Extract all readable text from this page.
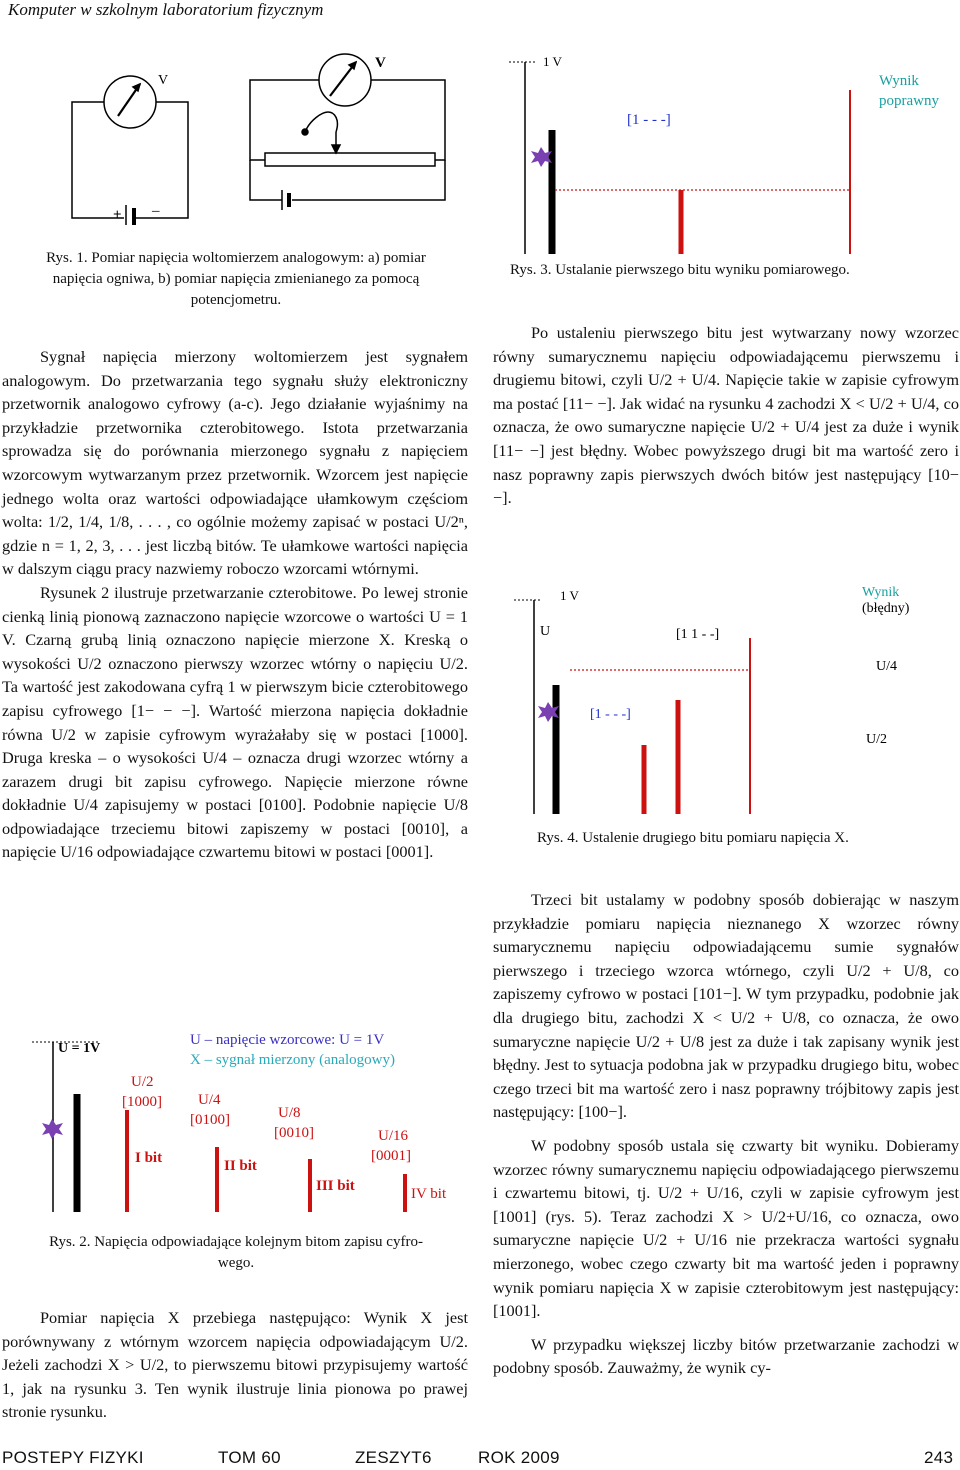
Komputer w szkolnym laboratorium fizycznym
V
+ –
V
Rys. 1. Pomiar napięcia woltomierzem analogowym: a) pomiar
napięcia ogniwa, b) pomiar napięcia zmienianego za pomocą
potencjometru.

Sygnał napięcia mierzony woltomierzem jest sygnałem analogowym. Do przetwarzania tego sygnału służy elektroniczny przetwornik analogowo cyfrowy (a-c). Jego działanie wyjaśnimy na przykładzie przetwornika czterobitowego. Istota przetwarzania sprowadza się do porównania mierzonego sygnału z napięciem wzorcowym wytwarzanym przez przetwornik. Wzorcem jest napięcie jednego wolta oraz wartości odpowiadające ułamkowym częściom wolta: 1/2, 1/4, 1/8, . . . , co ogólnie możemy zapisać w postaci U/2ⁿ, gdzie n = 1, 2, 3, . . . jest liczbą bitów. Te ułamkowe wartości napięcia w dalszym ciągu pracy nazwiemy roboczo wzorcami wtórnymi.

Rysunek 2 ilustruje przetwarzanie czterobitowe. Po lewej stronie cienką linią pionową zaznaczono napięcie wzorcowe o wartości U = 1 V. Czarną grubą linią oznaczono napięcie mierzone X. Kreską o wysokości U/2 oznaczono pierwszy wzorzec wtórny o napięciu U/2. Ta wartość jest zakodowana cyfrą 1 w pierwszym bicie czterobitowego zapisu cyfrowego [1− − −]. Wartość mierzona napięcia dokładnie równa U/2 w zapisie cyfrowym wyrażałaby się w postaci [1000]. Druga kreska – o wysokości U/4 – oznacza drugi wzorzec wtórny a zarazem drugi bit zapisu cyfrowego. Napięcie mierzone równe dokładnie U/4 zapisujemy w postaci [0100]. Podobnie napięcie U/8 odpowiadające trzeciemu bitowi zapiszemy w postaci [0010], a napięcie U/16 odpowiadające czwartemu bitowi w postaci [0001].

U = 1V
U – napięcie wzorcowe: U = 1V
X – sygnał mierzony (analogowy)
U/2
[1000]
I bit
U/4
[0100]
II bit
U/8
[0010]
III bit
U/16
[0001]
IV bit
Rys. 2. Napięcia odpowiadające kolejnym bitom zapisu cyfro-
wego.

Pomiar napięcia X przebiega następująco: Wynik X jest porównywany z wtórnym wzorcem napięcia odpowiadającym U/2. Jeżeli zachodzi X > U/2, to pierwszemu bitowi przypisujemy wartość 1, jak na rysunku 3. Ten wynik ilustruje linia pionowa po prawej stronie rysunku.

1 V
[1 - - -]
Wynik
poprawny
Rys. 3. Ustalanie pierwszego bitu wyniku pomiarowego.

Po ustaleniu pierwszego bitu jest wytwarzany nowy wzorzec równy sumarycznemu napięciu odpowiadającemu pierwszemu i drugiemu bitowi, czyli U/2 + U/4. Napięcie takie w zapisie cyfrowym ma postać [11− −]. Jak widać na rysunku 4 zachodzi X < U/2 + U/4, co oznacza, że owo sumaryczne napięcie U/2 + U/4 jest za duże i wynik [11− −] jest błędny. Wobec powyższego drugi bit ma wartość zero i nasz poprawny zapis pierwszych dwóch bitów jest następujący [10− −].

1 V
U
[1 - - -]
[1 1 - -]
Wynik
(błędny)
U/4
U/2
Rys. 4. Ustalenie drugiego bitu pomiaru napięcia X.

Trzeci bit ustalamy w podobny sposób dobierając w naszym przykładzie pomiaru napięcia nieznanego X wzorzec równy sumarycznemu napięciu odpowiadającemu sumie sygnałów pierwszego i trzeciego wzorca wtórnego, czyli U/2 + U/8, co zapiszemy cyfrowo w postaci [101−]. W tym przypadku, podobnie jak dla drugiego bitu, zachodzi X < U/2 + U/8, co oznacza, że owo sumaryczne napięcie U/2 + U/8 jest za duże i tak zapisany wynik jest błędny. Jest to sytuacja podobna jak w przypadku drugiego bitu, wobec czego trzeci bit ma wartość zero i nasz poprawny trójbitowy zapis jest następujący: [100−].

W podobny sposób ustala się czwarty bit wyniku. Dobieramy wzorzec równy sumarycznemu napięciu odpowiadającego pierwszemu i czwartemu bitowi, tj. U/2 + U/16, czyli w zapisie cyfrowym jest [1001] (rys. 5). Teraz zachodzi X > U/2+U/16, co oznacza, owo sumaryczne napięcie U/2 + U/16 nie przekracza wartości sygnału mierzonego, wobec czego czwarty bit ma wartość jeden i poprawny wynik pomiaru napięcia X w zapisie czterobitowym jest następujący: [1001].

W przypadku większej liczby bitów przetwarzanie zachodzi w podobny sposób. Zauważmy, że wynik cy-

POSTEPY FIZYKI	TOM 60	ZESZYT6	ROK 2009	243
